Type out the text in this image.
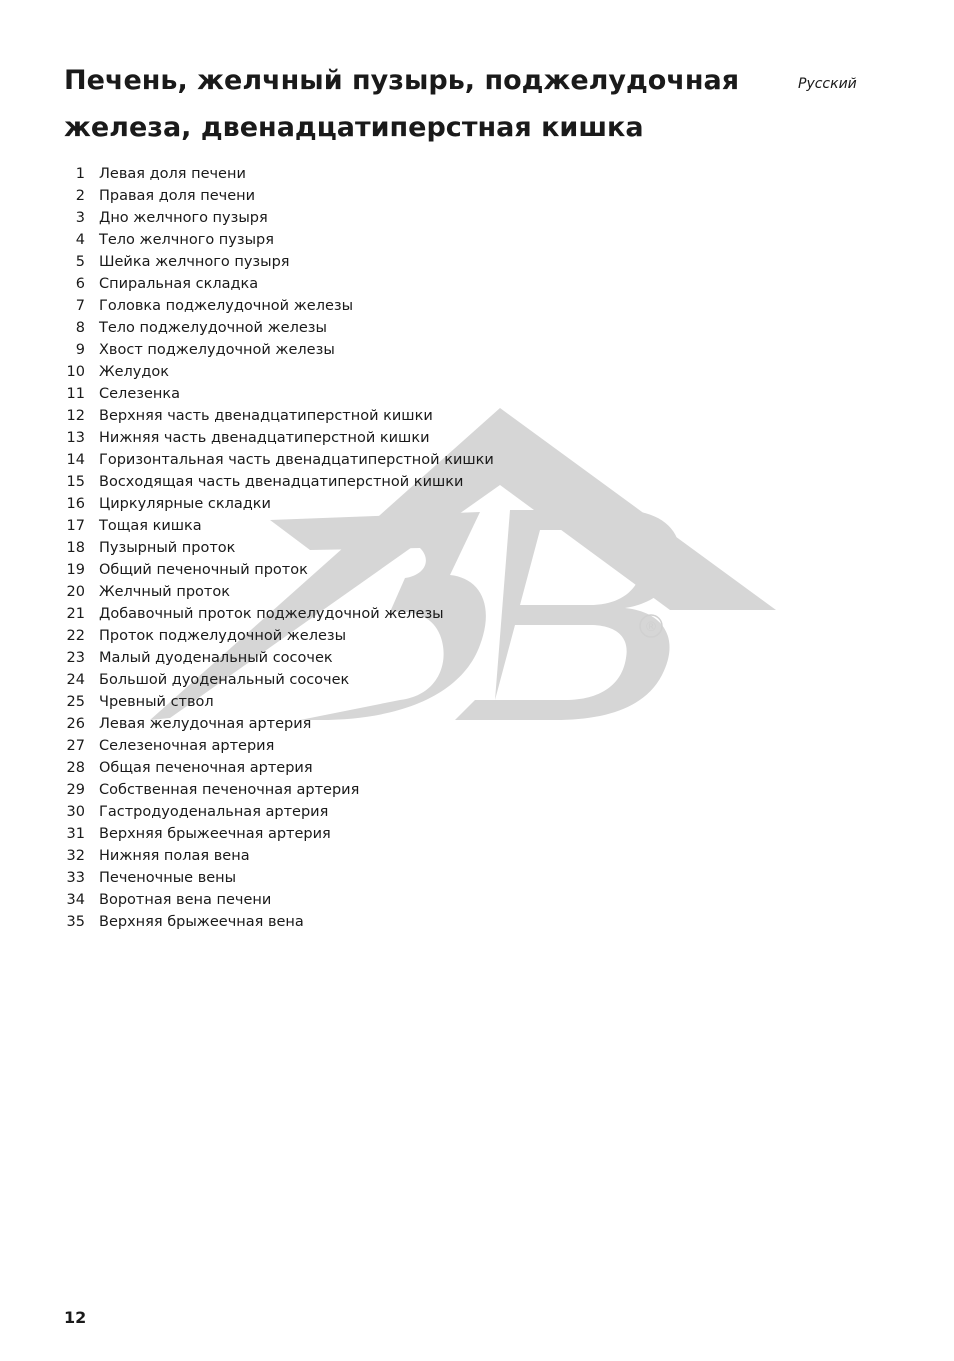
®
Печень, желчный пузырь, поджелудочная железа, двенадцатиперстная кишка
Русский
1 Левая доля печени
2 Правая доля печени
3 Дно желчного пузыря
4 Тело желчного пузыря
5 Шейка желчного пузыря
6 Спиральная складка
7 Головка поджелудочной железы
8 Тело поджелудочной железы
9 Хвост поджелудочной железы
10 Желудок
11 Селезенка
12 Верхняя часть двенадцатиперстной кишки
13 Нижняя часть двенадцатиперстной кишки
14 Горизонтальная часть двенадцатиперстной кишки
15 Восходящая часть двенадцатиперстной кишки
16 Циркулярные складки
17 Тощая кишка
18 Пузырный проток
19 Общий печеночный проток
20 Желчный проток
21 Добавочный проток поджелудочной железы
22 Проток поджелудочной железы
23 Малый дуоденальный сосочек
24 Большой дуоденальный сосочек
25 Чревный ствол
26 Левая желудочная артерия
27 Селезеночная артерия
28 Общая печеночная артерия
29 Собственная печеночная артерия
30 Гастродуоденальная артерия
31 Верхняя брыжеечная артерия
32 Нижняя полая вена
33 Печеночные вены
34 Воротная вена печени
35 Верхняя брыжеечная вена
12
